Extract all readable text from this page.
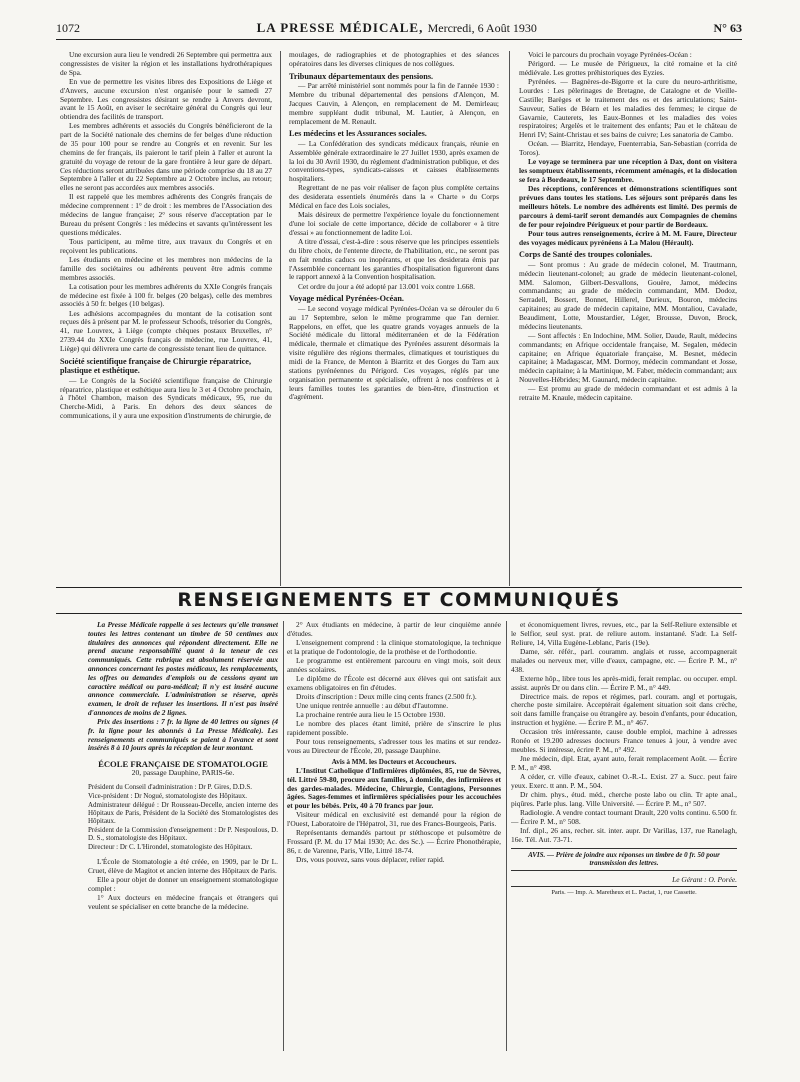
1072	LA PRESSE MÉDICALE, Mercredi, 6 Août 1930	N° 63

Une excursion aura lieu le vendredi 26 Septembre qui permettra aux congressistes de visiter la région et les installations hydrothérapiques de Spa.

En vue de permettre les visites libres des Expositions de Liège et d'Anvers, aucune excursion n'est organisée pour le samedi 27 Septembre. Les congressistes désirant se rendre à Anvers devront, avant le 15 Août, en aviser le secrétaire général du Congrès qui leur obtiendra des facilités de transport.

Les membres adhérents et associés du Congrès bénéficieront de la part de la Société nationale des chemins de fer belges d'une réduction de 35 pour 100 pour se rendre au Congrès et en revenir. Sur les chemins de fer français, ils paieront le tarif plein à l'aller et auront la gratuité du voyage de retour de la gare frontière à leur gare de départ. Ces réductions seront attribuées dans une période comprise du 18 au 27 Septembre à l'aller et du 22 Septembre au 2 Octobre inclus, au retour; elles ne seront pas accordées aux membres associés.

Il est rappelé que les membres adhérents des Congrès français de médecine comprennent : 1° de droit : les membres de l'Association des médecins de langue française; 2° sous réserve d'acceptation par le Bureau du présent Congrès : les médecins et savants qu'intéressent les questions médicales.

Tous participent, au même titre, aux travaux du Congrès et en reçoivent les publications.

Les étudiants en médecine et les membres non médecins de la famille des sociétaires ou adhérents peuvent être admis comme membres associés.

La cotisation pour les membres adhérents du XXIe Congrès français de médecine est fixée à 100 fr. belges (20 belgas), celle des membres associés à 50 fr. belges (10 belgas).

Les adhésions accompagnées du montant de la cotisation sont reçues dès à présent par M. le professeur Schoofs, trésorier du Congrès, 41, rue Louvrex, à Liège (compte chèques postaux Bruxelles, n° 2739.44 du XXIe Congrès français de médecine, rue Louvrex, 41, Liège) qui délivrera une carte de congressiste tenant lieu de quittance.

Société scientifique française de Chirurgie réparatrice, plastique et esthétique.

— Le Congrès de la Société scientifique française de Chirurgie réparatrice, plastique et esthétique aura lieu le 3 et 4 Octobre prochain, à l'hôtel Chambon, maison des Syndicats médicaux, 95, rue du Cherche-Midi, à Paris. En dehors des deux séances de communications, il y aura une exposition d'instruments de chirurgie, de

moulages, de radiographies et de photographies et des séances opératoires dans les diverses cliniques de nos collègues.

Tribunaux départementaux des pensions.

— Par arrêté ministériel sont nommés pour la fin de l'année 1930 : Membre du tribunal départemental des pensions d'Alençon, M. Jacques Cauvin, à Alençon, en remplacement de M. Demirleau; membre suppléant dudit tribunal, M. Lautier, à Alençon, en remplacement de M. Renault.

Les médecins et les Assurances sociales.

— La Confédération des syndicats médicaux français, réunie en Assemblée générale extraordinaire le 27 Juillet 1930, après examen de la loi du 30 Avril 1930, du règlement d'administration publique, et des conventions-types, syndicats-caisses et caisses établissements hospitaliers.

Regrettant de ne pas voir réaliser de façon plus complète certains des desiderata essentiels énumérés dans la « Charte » du Corps Médical en face des Lois sociales,

Mais désireux de permettre l'expérience loyale du fonctionnement d'une loi sociale de cette importance, décide de collaborer « à titre d'essai » au fonctionnement de ladite Loi.

A titre d'essai, c'est-à-dire : sous réserve que les principes essentiels du libre choix, de l'entente directe, de l'habilitation, etc., ne seront pas en fait rendus caducs ou inopérants, et que les desiderata émis par l'Assemblée concernant les garanties d'hospitalisation figureront dans le rapport annexé à la Convention hospitalisation.

Cet ordre du jour a été adopté par 13.001 voix contre 1.668.

Voyage médical Pyrénées-Océan.

— Le second voyage médical Pyrénées-Océan va se dérouler du 6 au 17 Septembre, selon le même programme que l'an dernier. Rappelons, en effet, que les quatre grands voyages annuels de la Société médicale du littoral méditerranéen et de la Fédération médicale, thermale et climatique des Pyrénées assurent désormais la visite régulière des régions thermales, climatiques et touristiques du midi de la France, de Menton à Biarritz et des Gorges du Tarn aux stations pyrénéennes du Périgord. Ces voyages, réglés par une organisation permanente et spécialisée, offrent à nos confrères et à leurs familles toutes les garanties de bien-être, d'instruction et d'agrément.

Voici le parcours du prochain voyage Pyrénées-Océan :

Périgord. — Le musée de Périgueux, la cité romaine et la cité médiévale. Les grottes préhistoriques des Eyzies.

Pyrénées. — Bagnères-de-Bigorre et la cure du neuro-arthritisme, Lourdes : Les pèlerinages de Bretagne, de Catalogne et de Vieille-Castille; Barèges et le traitement des os et des articulations; Saint-Sauveur, Salies de Béarn et les maladies des femmes; le cirque de Gavarnie, Cauterets, les Eaux-Bonnes et les maladies des voies respiratoires; Argelès et le traitement des enfants; Pau et le château de Henri IV; Saint-Christau et ses bains de cuivre; Les sanatoria de Cambo.

Océan. — Biarritz, Hendaye, Fuenterrabia, San-Sebastian (corrida de Toros).

Le voyage se terminera par une réception à Dax, dont on visitera les somptueux établissements, récemment aménagés, et la dislocation se fera à Bordeaux, le 17 Septembre.

Des réceptions, conférences et démonstrations scientifiques sont prévues dans toutes les stations. Les séjours sont préparés dans les meilleurs hôtels. Le nombre des adhérents est limité. Des permis de parcours à demi-tarif seront demandés aux Compagnies de chemins de fer pour rejoindre Périgueux et pour partir de Bordeaux.

Pour tous autres renseignements, écrire à M. M. Faure, Directeur des voyages médicaux pyrénéens à La Malou (Hérault).

Corps de Santé des troupes coloniales.

— Sont promus : Au grade de médecin colonel, M. Trautmann, médecin lieutenant-colonel; au grade de médecin lieutenant-colonel, MM. Salomon, Gilbert-Desvallons, Gouère, Jamot, médecins commandants; au grade de médecin commandant, MM. Dodoz, Serradell, Bossert, Bonnet, Hillerel, Durieux, Bouron, médecins capitaines; au grade de médecin capitaine, MM. Montaliou, Cavalade, Beaudiment, Lotte, Moustardier, Léger, Brousse, Duvon, Brock, médecins lieutenants.

— Sont affectés : En Indochine, MM. Solier, Daude, Rault, médecins commandants; en Afrique occidentale française, M. Segalen, médecin capitaine; en Afrique équatoriale française, M. Besnet, médecin capitaine; à Madagascar, MM. Dormoy, médecin commandant et Josse, médecin capitaine; à la Martinique, M. Faber, médecin commandant; aux Nouvelles-Hébrides; M. Gaunard, médecin capitaine.

— Est promu au grade de médecin commandant et est admis à la retraite M. Knaule, médecin capitaine.

RENSEIGNEMENTS ET COMMUNIQUÉS

La Presse Médicale rappelle à ses lecteurs qu'elle transmet toutes les lettres contenant un timbre de 50 centimes aux titulaires des annonces qui répondent directement. Elle ne prend aucune responsabilité quant à la teneur de ces communiqués. Cette rubrique est absolument réservée aux annonces concernant les postes médicaux, les remplacements, les offres ou demandes d'emplois ou de cessions ayant un caractère médical ou para-médical; il n'y est inséré aucune annonce commerciale. L'administration se réserve, après examen, le droit de refuser les insertions. Il n'est pas inséré d'annonces de moins de 2 lignes.

Prix des insertions : 7 fr. la ligne de 40 lettres ou signes (4 fr. la ligne pour les abonnés à La Presse Médicale). Les renseignements et communiqués se paient à l'avance et sont insérés 8 à 10 jours après la réception de leur montant.

ÉCOLE FRANÇAISE DE STOMATOLOGIE
20, passage Dauphine, PARIS-6e.

Président du Conseil d'administration : Dr P. Gires, D.D.S.

Vice-président : Dr Nogué, stomatologiste des Hôpitaux.

Administrateur délégué : Dr Rousseau-Decelle, ancien interne des Hôpitaux de Paris, Président de la Société des Stomatologistes des Hôpitaux.

Président de la Commission d'enseignement : Dr P. Nespoulous, D. D. S., stomatologiste des Hôpitaux.

Directeur : Dr C. L'Hirondel, stomatologiste des Hôpitaux.

L'École de Stomatologie a été créée, en 1909, par le Dr L. Cruet, élève de Magitot et ancien interne des Hôpitaux de Paris.

Elle a pour objet de donner un enseignement stomatologique complet :

1° Aux docteurs en médecine français et étrangers qui veulent se spécialiser en cette branche de la médecine.

2° Aux étudiants en médecine, à partir de leur cinquième année d'études.

L'enseignement comprend : la clinique stomatologique, la technique et la pratique de l'odontologie, de la prothèse et de l'orthodontie.

Le programme est entièrement parcouru en vingt mois, soit deux années scolaires.

Le diplôme de l'École est décerné aux élèves qui ont satisfait aux examens obligatoires en fin d'études.

Droits d'inscription : Deux mille cinq cents francs (2.500 fr.).

Une unique rentrée annuelle : au début d'l'automne.

La prochaine rentrée aura lieu le 15 Octobre 1930.

Le nombre des places étant limité, prière de s'inscrire le plus rapidement possible.

Pour tous renseignements, s'adresser tous les matins et sur rendez-vous au Directeur de l'École, 20, passage Dauphine.

Avis à MM. les Docteurs et Accoucheurs.

L'Institut Catholique d'Infirmières diplômées, 85, rue de Sèvres, tél. Littré 59-80, procure aux familles, à domicile, des infirmières et des gardes-malades. Médecine, Chirurgie, Contagions, Personnes âgées. Sages-femmes et infirmières spécialisées pour les accouchées et pour les bébés. Prix, 40 à 70 francs par jour.

Visiteur médical en exclusivité est demandé pour la région de l'Ouest, Laboratoire de l'Hépatrol, 31, rue des Francs-Bourgeois, Paris.

Représentants demandés partout pr stéthoscope et pulsomètre de Frossard (P. M. du 17 Mai 1930; Ac. des Sc.). — Écrire Phonothérapie, 86, r. de Varenne, Paris, VIIe, Littré 18-74.

Drs, vous pouvez, sans vous déplacer, relier rapid.

et économiquement livres, revues, etc., par la Self-Reliure extensible et le Selfior, seul syst. prat. de reliure autom. instantané. S'adr. La Self-Reliure, 14, Villa Eugène-Leblanc, Paris (19e).

Dame, sér. référ., parl. couramm. anglais et russe, accompagnerait malades ou nerveux mer, ville d'eaux, campagne, etc. — Écrire P. M., n° 438.

Externe hôp., libre tous les après-midi, ferait remplac. ou occuper. empl. assist. auprès Dr ou dans clin. — Écrire P. M., n° 449.

Directrice mais. de repos et régimes, parl. couram. angl et portugais, cherche poste similaire. Acceptérait également situation soit dans crèche, soit dans famille française ou étrangère ay. besoin d'enfants, pour éducation, instruction et hygiène. — Écrire P. M., n° 467.

Occasion très intéressante, cause double emploi, machine à adresses Ronéo et 19.200 adresses docteurs France tenues à jour, à vendre avec meubles. Si intéresse, écrire P. M., n° 492.

Jne médecin, dipl. Etat, ayant auto, ferait remplacement Août. — Écrire P. M., n° 498.

A céder, cr. ville d'eaux, cabinet O.-R.-L. Exist. 27 a. Succ. peut faire yeux. Exerc. tt ann. P. M., 504.

Dr chim. phys., étud. méd., cherche poste labo ou clin. Tr apte anal., piqûres. Parle plus. lang. Ville Université. — Écrire P. M., n° 507.

Radiologie. A vendre contact tournant Drault, 220 volts continu. 6.500 fr. — Écrire P. M., n° 508.

Inf. dipl., 26 ans, recher. sit. inter. aupr. Dr Varillas, 137, rue Ranelagh, 16e. Tél. Aut. 73-71.

AVIS. — Prière de joindre aux réponses un timbre de 0 fr. 50 pour transmission des lettres.
Le Gérant : O. Porée.
Paris. — Imp. A. Maretheux et L. Pactat, 1, rue Cassette.
